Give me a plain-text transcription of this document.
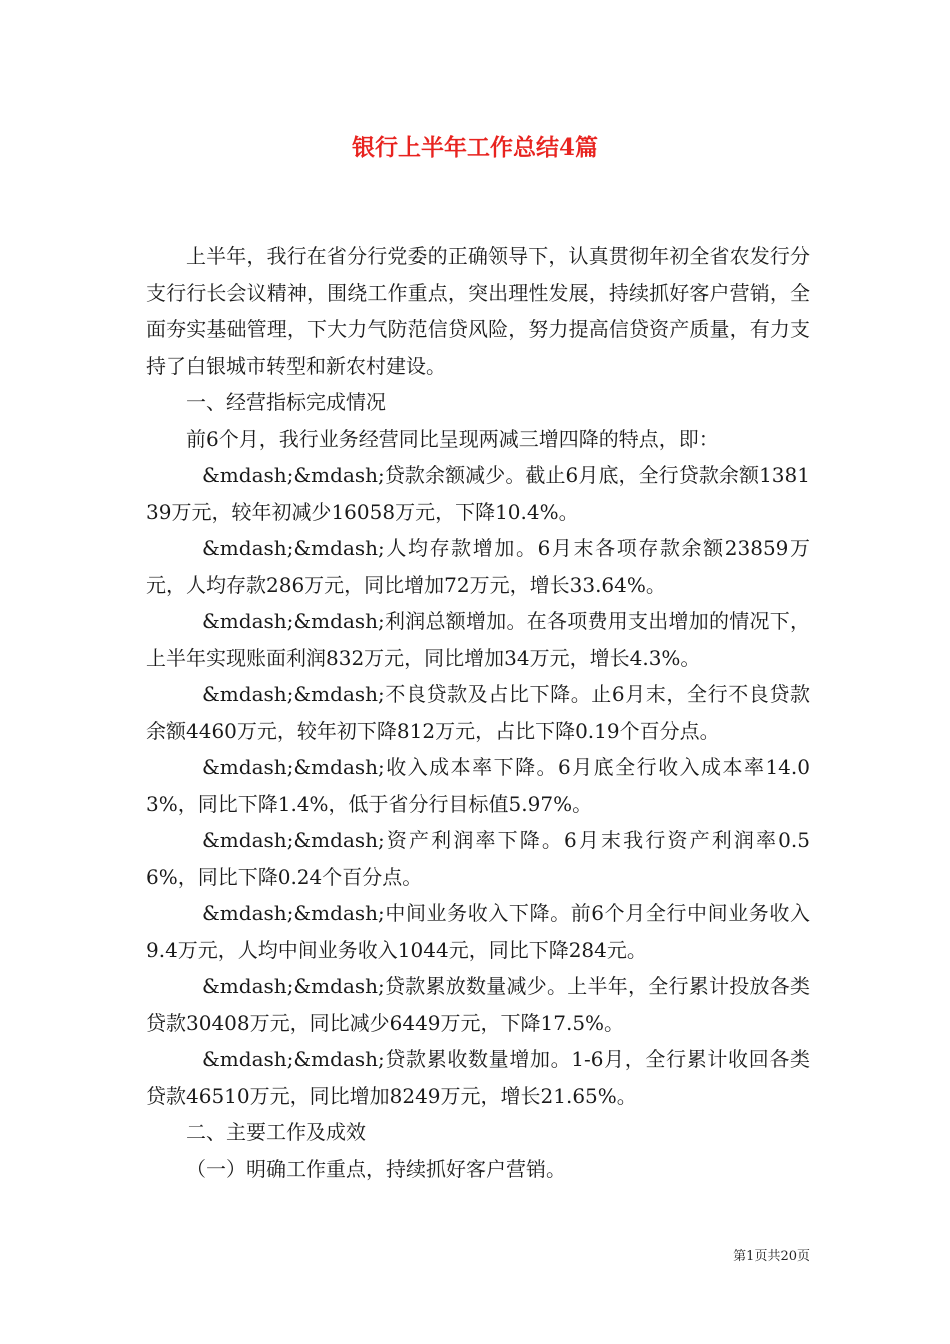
银行上半年工作总结4篇

上半年，我行在省分行党委的正确领导下，认真贯彻年初全省农发行分支行行长会议精神，围绕工作重点，突出理性发展，持续抓好客户营销，全面夯实基础管理，下大力气防范信贷风险，努力提高信贷资产质量，有力支持了白银城市转型和新农村建设。

一、经营指标完成情况

前6个月，我行业务经营同比呈现两减三增四降的特点，即：

&mdash;&mdash;贷款余额减少。截止6月底，全行贷款余额138139万元，较年初减少16058万元，下降10.4%。

&mdash;&mdash;人均存款增加。6月末各项存款余额23859万元，人均存款286万元，同比增加72万元，增长33.64%。

&mdash;&mdash;利润总额增加。在各项费用支出增加的情况下，上半年实现账面利润832万元，同比增加34万元，增长4.3%。

&mdash;&mdash;不良贷款及占比下降。止6月末，全行不良贷款余额4460万元，较年初下降812万元，占比下降0.19个百分点。

&mdash;&mdash;收入成本率下降。6月底全行收入成本率14.03%，同比下降1.4%，低于省分行目标值5.97%。

&mdash;&mdash;资产利润率下降。6月末我行资产利润率0.56%，同比下降0.24个百分点。

&mdash;&mdash;中间业务收入下降。前6个月全行中间业务收入9.4万元，人均中间业务收入1044元，同比下降284元。

&mdash;&mdash;贷款累放数量减少。上半年，全行累计投放各类贷款30408万元，同比减少6449万元，下降17.5%。

&mdash;&mdash;贷款累收数量增加。1-6月，全行累计收回各类贷款46510万元，同比增加8249万元，增长21.65%。

二、主要工作及成效

（一）明确工作重点，持续抓好客户营销。

第1页共20页
